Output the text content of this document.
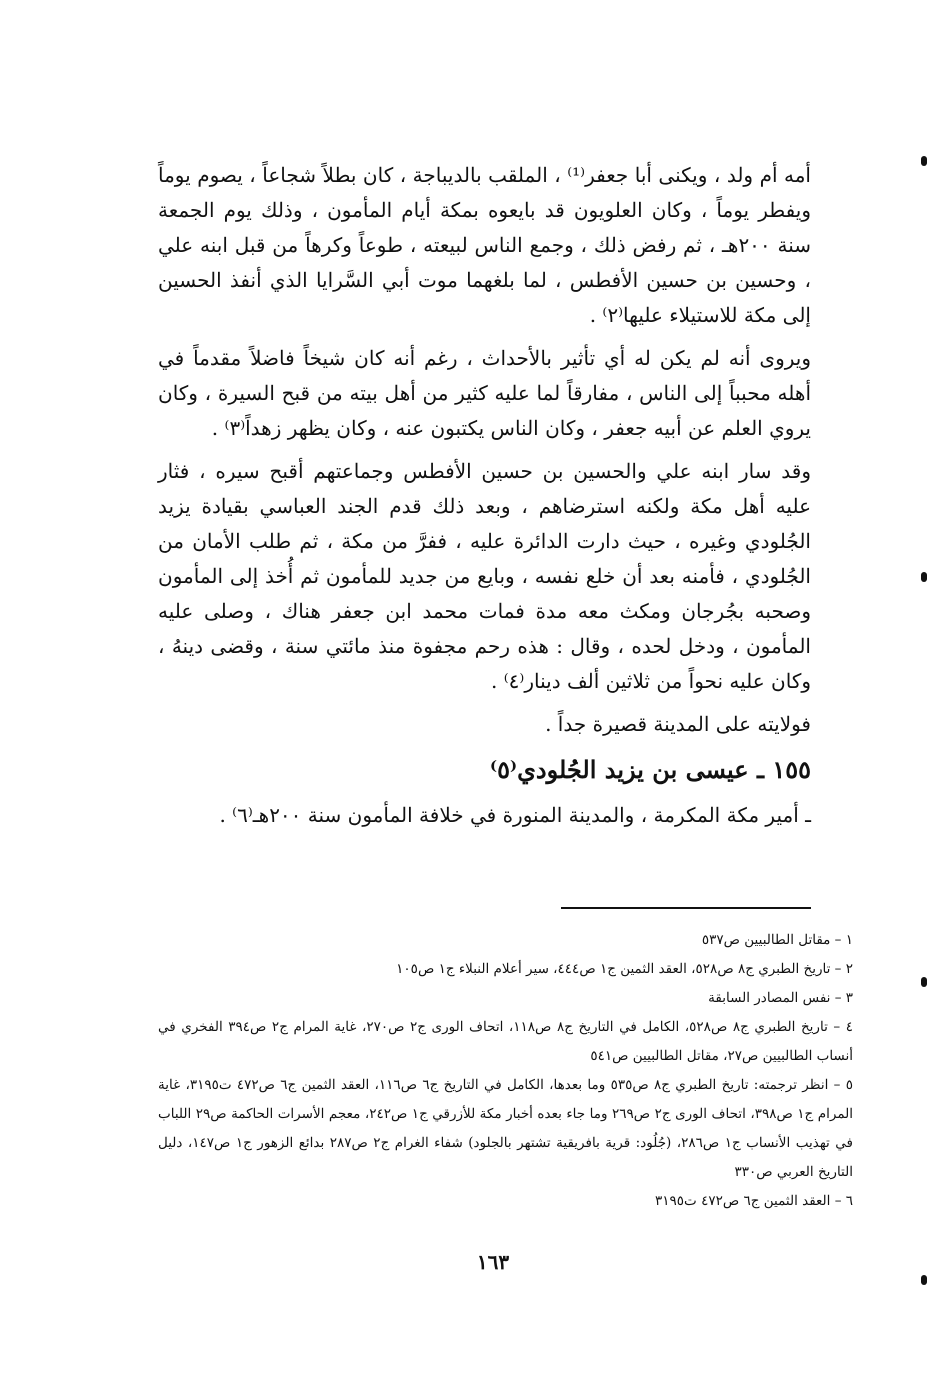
أمه أم ولد ، ويكنى أبا جعفر⁽¹⁾ ، الملقب بالديباجة ، كان بطلاً شجاعاً ، يصوم يوماً ويفطر يوماً ، وكان العلويون قد بايعوه بمكة أيام المأمون ، وذلك يوم الجمعة سنة ٢٠٠هـ ، ثم رفض ذلك ، وجمع الناس لبيعته ، طوعاً وكرهاً من قبل ابنه علي ، وحسين بن حسين الأفطس ، لما بلغهما موت أبي السَّرايا الذي أنفذ الحسين إلى مكة للاستيلاء عليها⁽٢⁾ .

ويروى أنه لم يكن له أي تأثير بالأحداث ، رغم أنه كان شيخاً فاضلاً مقدماً في أهله محبباً إلى الناس ، مفارقاً لما عليه كثير من أهل بيته من قبح السيرة ، وكان يروي العلم عن أبيه جعفر ، وكان الناس يكتبون عنه ، وكان يظهر زهداً⁽٣⁾ .

وقد سار ابنه علي والحسين بن حسين الأفطس وجماعتهم أقبح سيره ، فثار عليه أهل مكة ولكنه استرضاهم ، وبعد ذلك قدم الجند العباسي بقيادة يزيد الجُلودي وغيره ، حيث دارت الدائرة عليه ، ففرَّ من مكة ، ثم طلب الأمان من الجُلودي ، فأمنه بعد أن خلع نفسه ، وبايع من جديد للمأمون ثم أُخذ إلى المأمون وصحبه بجُرجان ومكث معه مدة فمات محمد ابن جعفر هناك ، وصلى عليه المأمون ، ودخل لحده ، وقال : هذه رحم مجفوة منذ مائتي سنة ، وقضى دينهُ ، وكان عليه نحواً من ثلاثين ألف دينار⁽٤⁾ .

فولايته على المدينة قصيرة جداً .

١٥٥ ـ عيسى بن يزيد الجُلودي⁽٥⁾

ـ أمير مكة المكرمة ، والمدينة المنورة في خلافة المأمون سنة ٢٠٠هـ⁽٦⁾ .

١ – مقاتل الطالبيين ص٥٣٧

٢ – تاريخ الطبري ج٨ ص٥٢٨، العقد الثمين ج١ ص٤٤٤، سير أعلام النبلاء ج١ ص١٠٥

٣ – نفس المصادر السابقة

٤ – تاريخ الطبري ج٨ ص٥٢٨، الكامل في التاريخ ج٨ ص١١٨، اتحاف الورى ج٢ ص٢٧٠، غاية المرام ج٢ ص٣٩٤ الفخري في أنساب الطالبيين ص٢٧، مقاتل الطالبيين ص٥٤١

٥ – انظر ترجمته: تاريخ الطبري ج٨ ص٥٣٥ وما بعدها، الكامل في التاريخ ج٦ ص١١٦، العقد الثمين ج٦ ص٤٧٢ ت٣١٩٥، غاية المرام ج١ ص٣٩٨، اتحاف الورى ج٢ ص٢٦٩ وما جاء بعده أخبار مكة للأزرقي ج١ ص٢٤٢، معجم الأسرات الحاكمة ص٢٩ اللباب في تهذيب الأنساب ج١ ص٢٨٦، (جُلُود: قرية بافريقية تشتهر بالجلود) شفاء الغرام ج٢ ص٢٨٧ بدائع الزهور ج١ ص١٤٧، دليل التاريخ العربي ص٣٣٠

٦ – العقد الثمين ج٦ ص٤٧٢ ت٣١٩٥

١٦٣
